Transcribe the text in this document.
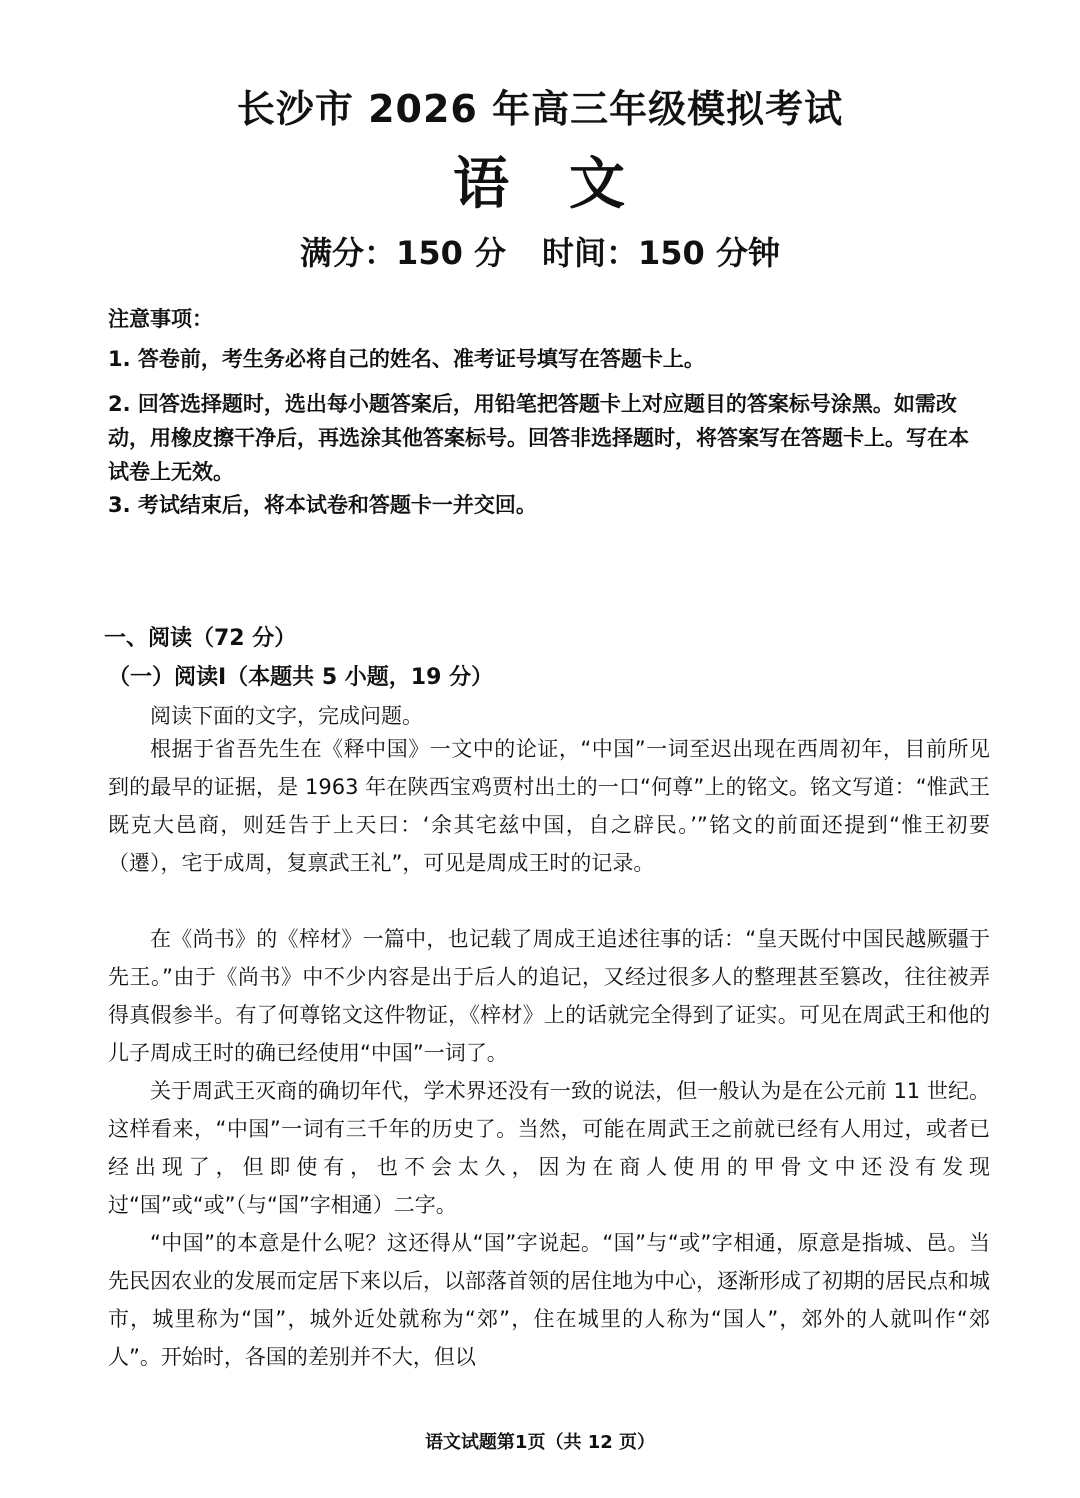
长沙市 2026 年高三年级模拟考试
语　文
满分：150 分 时间：150 分钟
注意事项：
1. 答卷前，考生务必将自己的姓名、准考证号填写在答题卡上。
2. 回答选择题时，选出每小题答案后，用铅笔把答题卡上对应题目的答案标号涂黑。如需改动，用橡皮擦干净后，再选涂其他答案标号。回答非选择题时，将答案写在答题卡上。写在本试卷上无效。
3. 考试结束后，将本试卷和答题卡一并交回。
一、阅读（72 分）
（一）阅读Ⅰ（本题共 5 小题，19 分）
阅读下面的文字，完成问题。
根据于省吾先生在《释中国》一文中的论证，“中国”一词至迟出现在西周初年，目前所见到的最早的证据，是 1963 年在陕西宝鸡贾村出土的一口“何尊”上的铭文。铭文写道：“惟武王既克大邑商，则廷告于上天曰：‘余其宅兹中国，自之辟民。’”铭文的前面还提到“惟王初要（遷），宅于成周，复禀武王礼”，可见是周成王时的记录。
在《尚书》的《梓材》一篇中，也记载了周成王追述往事的话：“皇天既付中国民越厥疆于先王。”由于《尚书》中不少内容是出于后人的追记，又经过很多人的整理甚至篡改，往往被弄得真假参半。有了何尊铭文这件物证，《梓材》上的话就完全得到了证实。可见在周武王和他的儿子周成王时的确已经使用“中国”一词了。
关于周武王灭商的确切年代，学术界还没有一致的说法，但一般认为是在公元前 11 世纪。这样看来，“中国”一词有三千年的历史了。当然，可能在周武王之前就已经有人用过，或者已经出现了，但即使有，也不会太久，因为在商人使用的甲骨文中还没有发现过“国”或“或”（与“国”字相通）二字。
“中国”的本意是什么呢？这还得从“国”字说起。“国”与“或”字相通，原意是指城、邑。当先民因农业的发展而定居下来以后，以部落首领的居住地为中心，逐渐形成了初期的居民点和城市，城里称为“国”，城外近处就称为“郊”，住在城里的人称为“国人”，郊外的人就叫作“郊人”。开始时，各国的差别并不大，但以
语文试题第1页（共 12 页）
